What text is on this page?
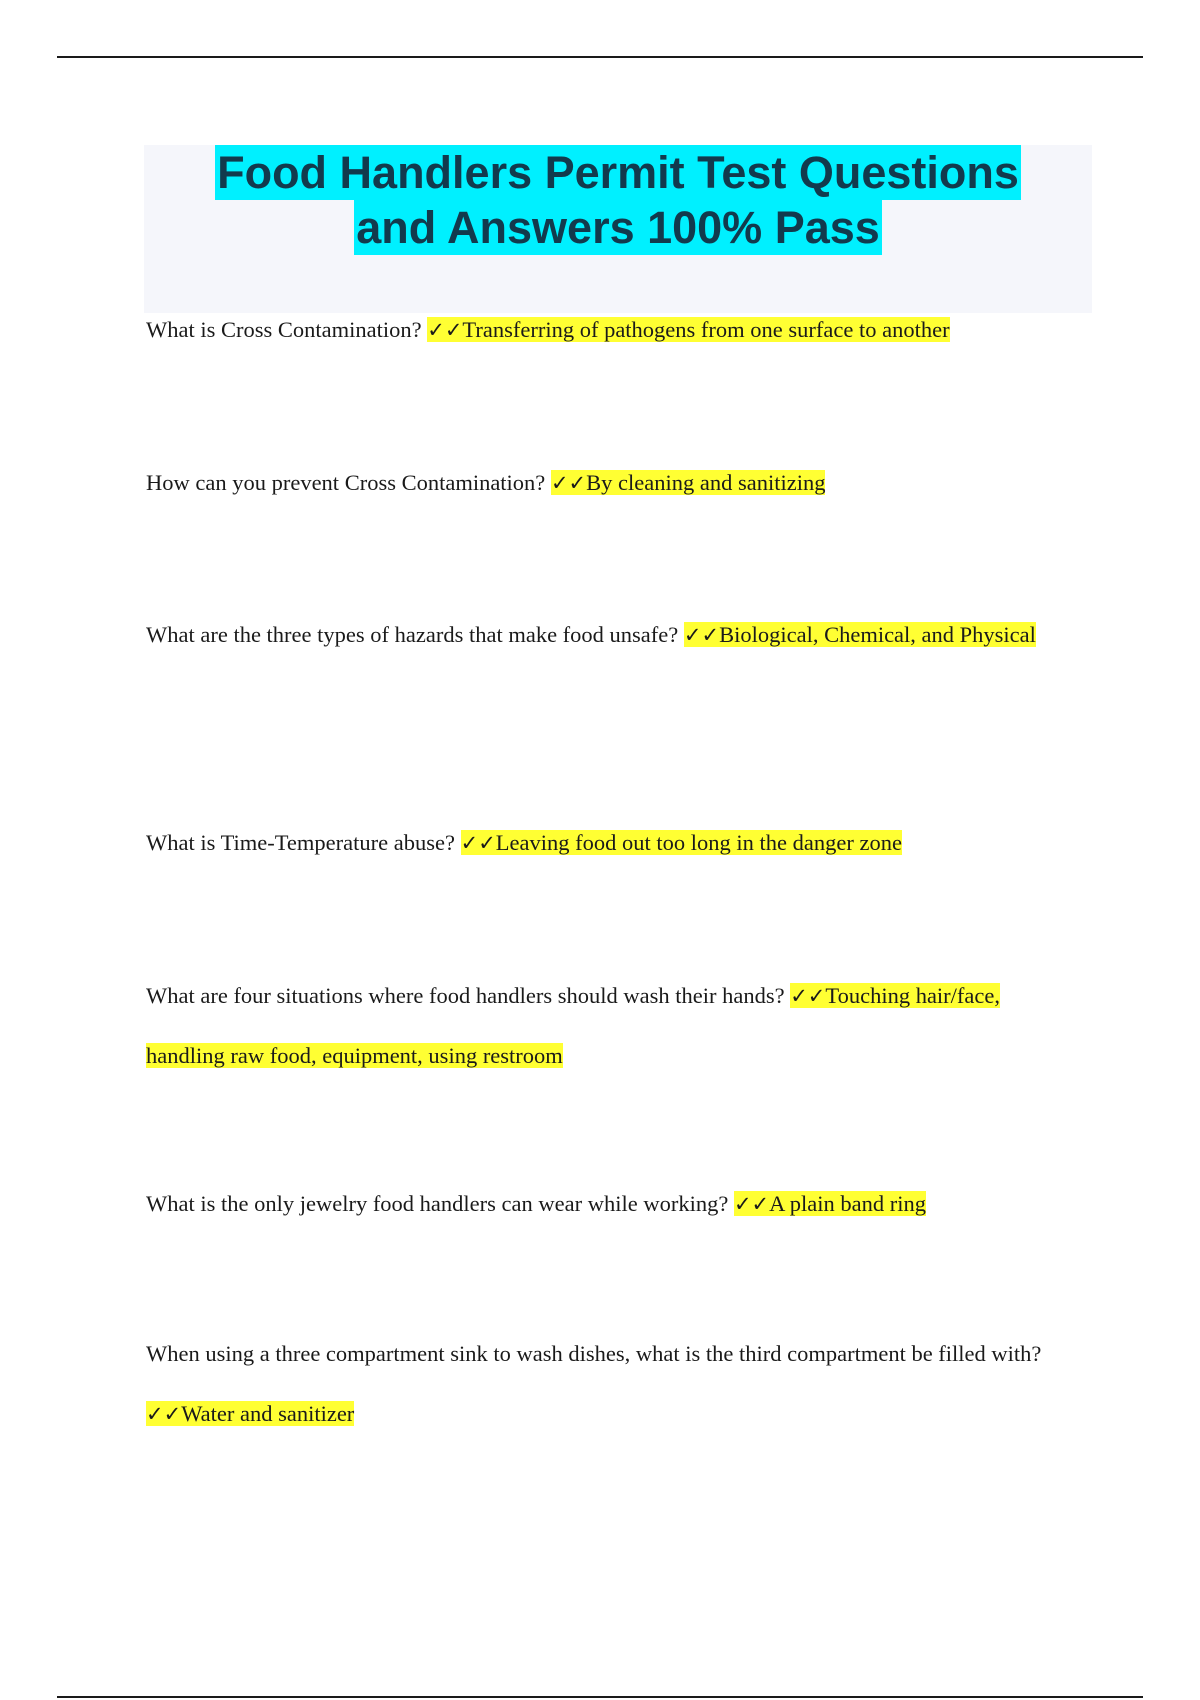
Food Handlers Permit Test Questions
and Answers 100% Pass

What is Cross Contamination? ✓✓Transferring of pathogens from one surface to another

How can you prevent Cross Contamination? ✓✓By cleaning and sanitizing

What are the three types of hazards that make food unsafe? ✓✓Biological, Chemical, and Physical

What is Time-Temperature abuse? ✓✓Leaving food out too long in the danger zone

What are four situations where food handlers should wash their hands? ✓✓Touching hair/face, handling raw food, equipment, using restroom

What is the only jewelry food handlers can wear while working? ✓✓A plain band ring

When using a three compartment sink to wash dishes, what is the third compartment be filled with? ✓✓Water and sanitizer
